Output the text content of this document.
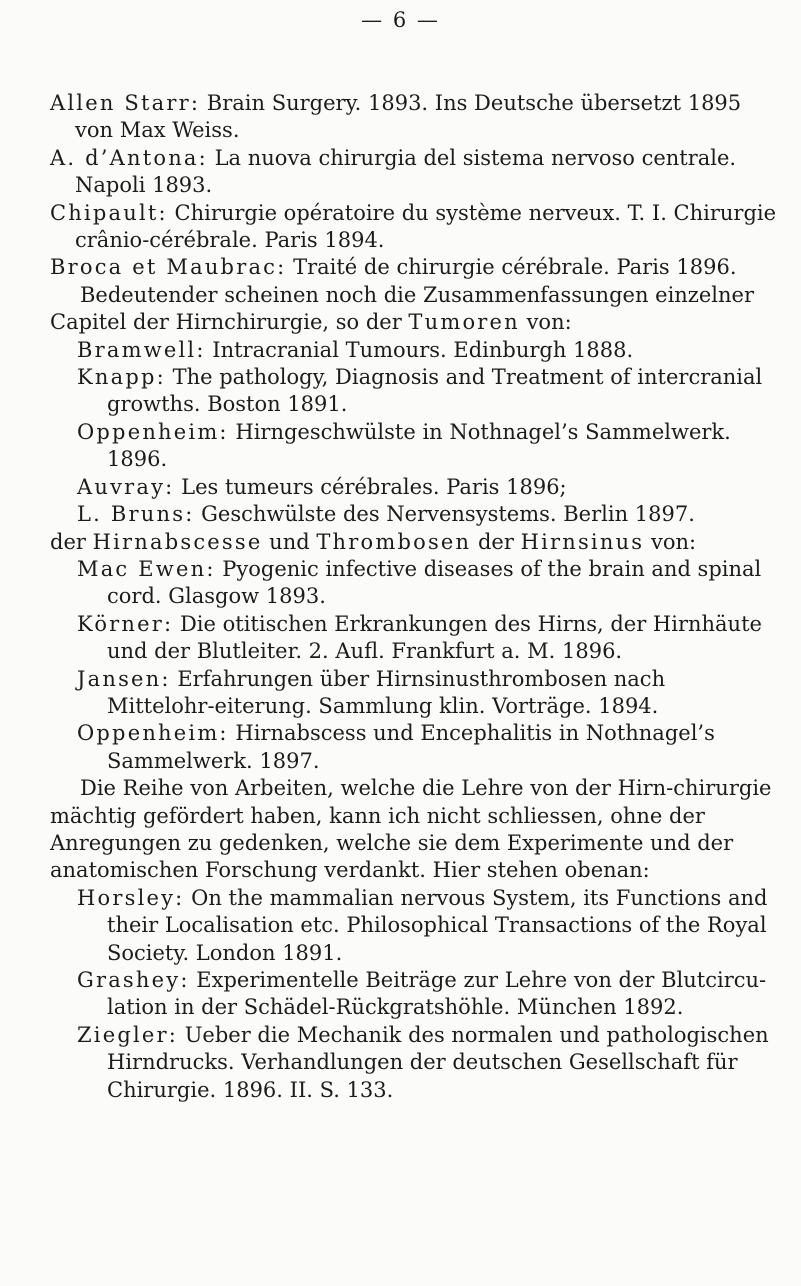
— 6 —
Allen Starr: Brain Surgery. 1893. Ins Deutsche übersetzt 1895 von Max Weiss.
A. d’Antona: La nuova chirurgia del sistema nervoso centrale. Napoli 1893.
Chipault: Chirurgie opératoire du système nerveux. T. I. Chirurgie crânio-cérébrale. Paris 1894.
Broca et Maubrac: Traité de chirurgie cérébrale. Paris 1896.
Bedeutender scheinen noch die Zusammenfassungen einzelner Capitel der Hirnchirurgie, so der Tumoren von:
Bramwell: Intracranial Tumours. Edinburgh 1888.
Knapp: The pathology, Diagnosis and Treatment of intercranial growths. Boston 1891.
Oppenheim: Hirngeschwülste in Nothnagel’s Sammelwerk. 1896.
Auvray: Les tumeurs cérébrales. Paris 1896;
L. Bruns: Geschwülste des Nervensystems. Berlin 1897.
der Hirnabscesse und Thrombosen der Hirnsinus von:
Mac Ewen: Pyogenic infective diseases of the brain and spinal cord. Glasgow 1893.
Körner: Die otitischen Erkrankungen des Hirns, der Hirnhäute und der Blutleiter. 2. Aufl. Frankfurt a. M. 1896.
Jansen: Erfahrungen über Hirnsinusthrombosen nach Mittelohr-eiterung. Sammlung klin. Vorträge. 1894.
Oppenheim: Hirnabscess und Encephalitis in Nothnagel’s Sammelwerk. 1897.
Die Reihe von Arbeiten, welche die Lehre von der Hirn-chirurgie mächtig gefördert haben, kann ich nicht schliessen, ohne der Anregungen zu gedenken, welche sie dem Experimente und der anatomischen Forschung verdankt. Hier stehen obenan:
Horsley: On the mammalian nervous System, its Functions and their Localisation etc. Philosophical Transactions of the Royal Society. London 1891.
Grashey: Experimentelle Beiträge zur Lehre von der Blutcircu-lation in der Schädel-Rückgratshöhle. München 1892.
Ziegler: Ueber die Mechanik des normalen und pathologischen Hirndrucks. Verhandlungen der deutschen Gesellschaft für Chirurgie. 1896. II. S. 133.
